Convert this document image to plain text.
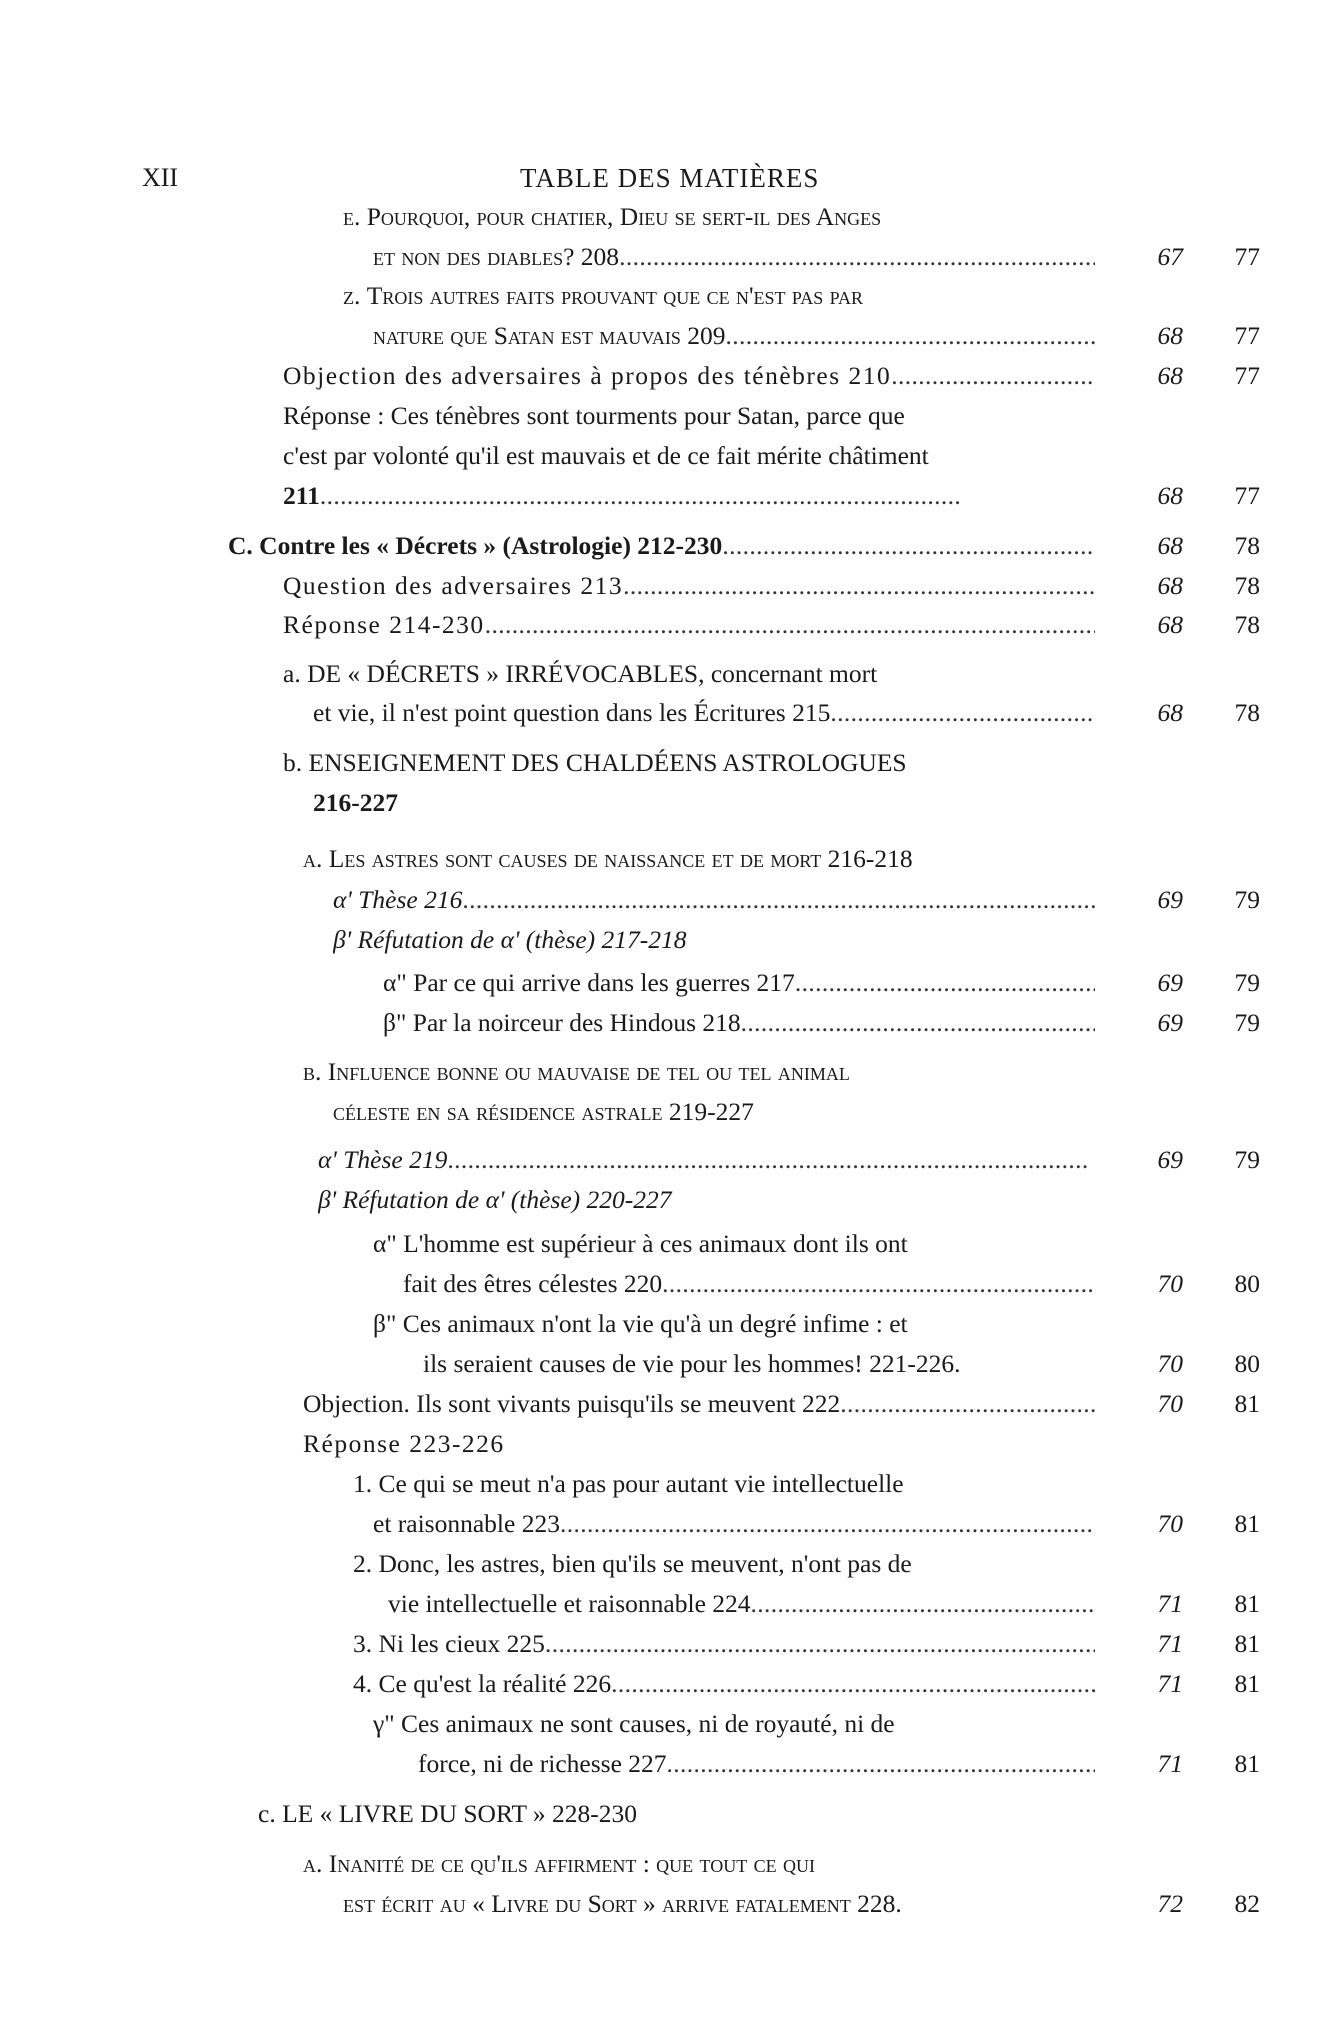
XII	TABLE DES MATIÈRES
ε. Pourquoi, pour chatier, Dieu se sert-il des Anges
et non des diables? 208 . . .	67	77
ζ. Trois autres faits prouvant que ce n'est pas par
nature que Satan est mauvais 209 . . .	68	77
Objection des adversaires à propos des ténèbres 210 . . .	68	77
Réponse : Ces ténèbres sont tourments pour Satan, parce que
c'est par volonté qu'il est mauvais et de ce fait mérite châtiment
211 . . .	68	77
C. Contre les « Décrets » (Astrologie) 212-230 . . .	68	78
Question des adversaires 213 . . .	68	78
Réponse 214-230 . . .	68	78
a. DE « DÉCRETS » IRRÉVOCABLES, concernant mort
et vie, il n'est point question dans les Écritures 215 . . .	68	78
b. ENSEIGNEMENT DES CHALDÉENS ASTROLOGUES
216-227
α. Les astres sont causes de naissance et de mort 216-218
α' Thèse 216 . . .	69	79
β' Réfutation de α' (thèse) 217-218
α" Par ce qui arrive dans les guerres 217 . . .	69	79
β" Par la noirceur des Hindous 218 . . .	69	79
β. Influence bonne ou mauvaise de tel ou tel animal
céleste en sa résidence astrale 219-227
α' Thèse 219 . . .	69	79
β' Réfutation de α' (thèse) 220-227
α" L'homme est supérieur à ces animaux dont ils ont
fait des êtres célestes 220 . . .	70	80
β" Ces animaux n'ont la vie qu'à un degré infime : et
ils seraient causes de vie pour les hommes! 221-226.	70	80
Objection. Ils sont vivants puisqu'ils se meuvent 222 . . .	70	81
Réponse 223-226
1. Ce qui se meut n'a pas pour autant vie intellectuelle
et raisonnable 223 . . .	70	81
2. Donc, les astres, bien qu'ils se meuvent, n'ont pas de
vie intellectuelle et raisonnable 224 . . .	71	81
3. Ni les cieux 225 . . .	71	81
4. Ce qu'est la réalité 226 . . .	71	81
γ" Ces animaux ne sont causes, ni de royauté, ni de
force, ni de richesse 227 . . .	71	81
c. LE « LIVRE DU SORT » 228-230
α. Inanité de ce qu'ils affirment : que tout ce qui
est écrit au « Livre du Sort » arrive fatalement 228.	72	82
